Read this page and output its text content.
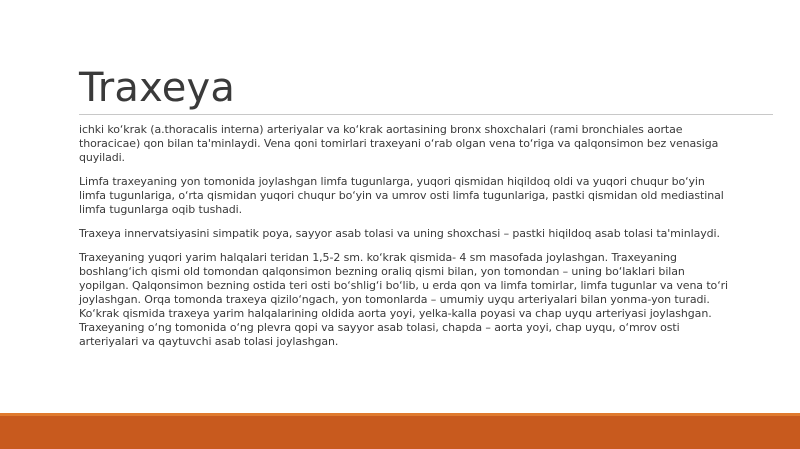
Traxeya

ichki ko‘krak (a.thoracalis interna) arteriyalar va ko‘krak aortasining bronx shoxchalari (rami bronchiales aortae thoracicae) qon bilan ta'minlaydi. Vena qoni tomirlari traxeyani o‘rab olgan vena to‘riga va qalqonsimon bez venasiga quyiladi.

Limfa traxeyaning yon tomonida joylashgan limfa tugunlarga, yuqori qismidan hiqildoq oldi va yuqori chuqur bo‘yin limfa tugunlariga, o‘rta qismidan yuqori chuqur bo‘yin va umrov osti limfa tugunlariga, pastki qismidan old mediastinal limfa tugunlarga oqib tushadi.

Traxeya innervatsiyasini simpatik poya, sayyor asab tolasi va uning shoxchasi – pastki hiqildoq asab tolasi ta'minlaydi.

Traxeyaning yuqori yarim halqalari teridan 1,5-2 sm. ko‘krak qismida- 4 sm masofada joylashgan. Traxeyaning boshlang‘ich qismi old tomondan qalqonsimon bezning oraliq qismi bilan, yon tomondan – uning bo‘laklari bilan yopilgan. Qalqonsimon bezning ostida teri osti bo‘shlig‘i bo‘lib, u erda qon va limfa tomirlar, limfa tugunlar va vena to‘ri joylashgan. Orqa tomonda traxeya qizilo‘ngach, yon tomonlarda – umumiy uyqu arteriyalari bilan yonma-yon turadi. Ko‘krak qismida traxeya yarim halqalarining oldida aorta yoyi, yelka-kalla poyasi va chap uyqu arteriyasi joylashgan. Traxeyaning o‘ng tomonida o‘ng plevra qopi va sayyor asab tolasi, chapda – aorta yoyi, chap uyqu, o‘mrov osti arteriyalari va qaytuvchi asab tolasi joylashgan.
